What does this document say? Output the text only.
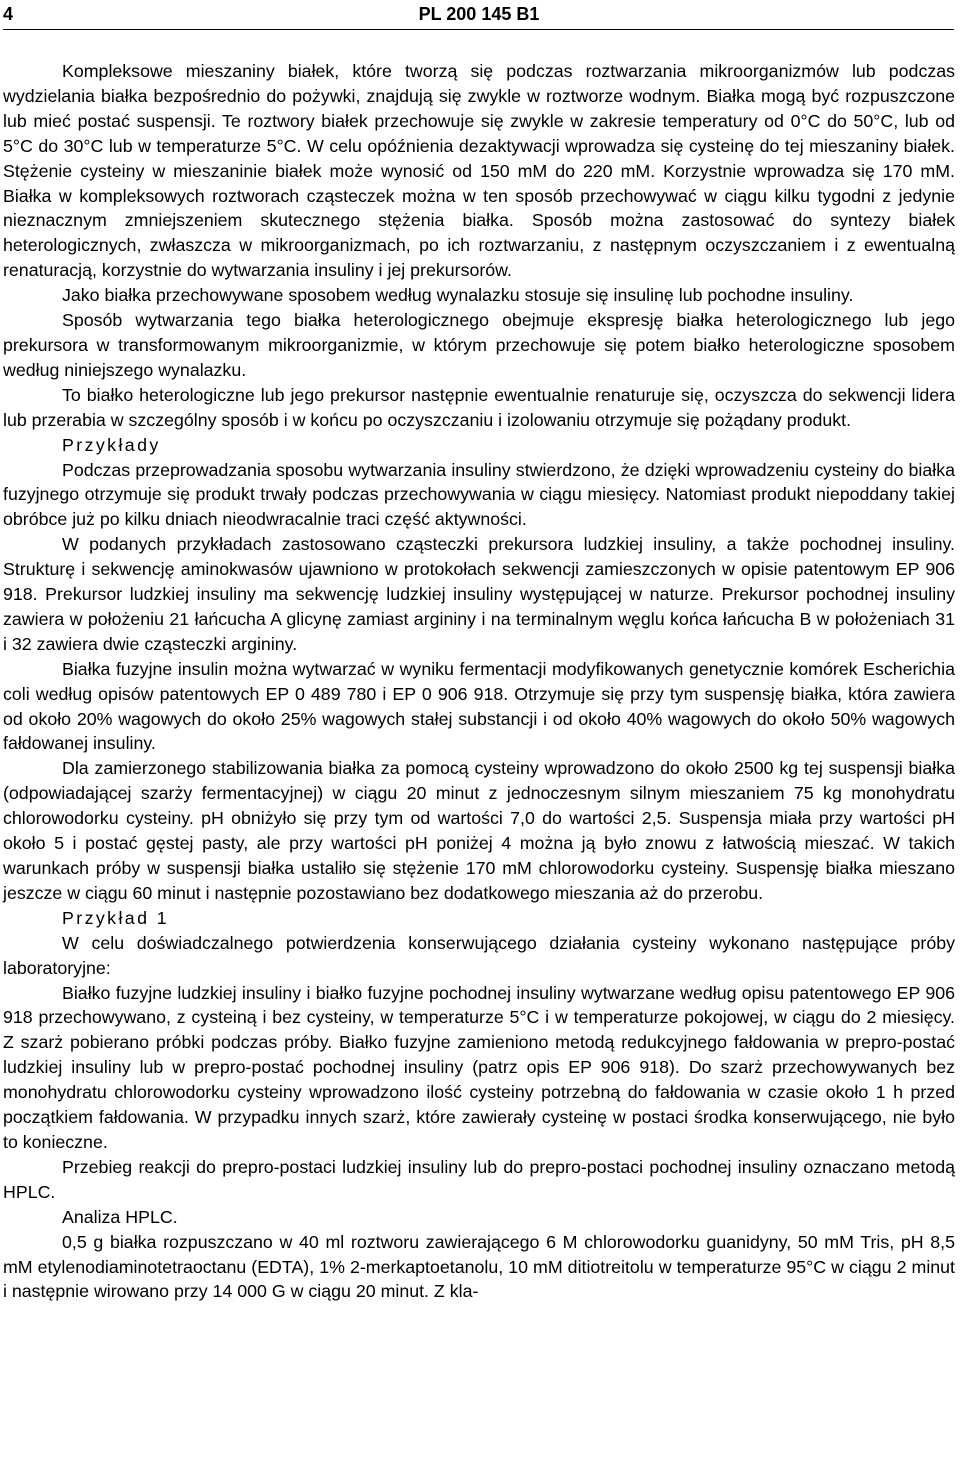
4	PL 200 145 B1

Kompleksowe mieszaniny białek, które tworzą się podczas roztwarzania mikroorganizmów lub podczas wydzielania białka bezpośrednio do pożywki, znajdują się zwykle w roztworze wodnym. Białka mogą być rozpuszczone lub mieć postać suspensji. Te roztwory białek przechowuje się zwykle w zakresie temperatury od 0°C do 50°C, lub od 5°C do 30°C lub w temperaturze 5°C. W celu opóźnienia dezaktywacji wprowadza się cysteinę do tej mieszaniny białek. Stężenie cysteiny w mieszaninie białek może wynosić od 150 mM do 220 mM. Korzystnie wprowadza się 170 mM. Białka w kompleksowych roztworach cząsteczek można w ten sposób przechowywać w ciągu kilku tygodni z jedynie nieznacznym zmniejszeniem skutecznego stężenia białka. Sposób można zastosować do syntezy białek heterologicznych, zwłaszcza w mikroorganizmach, po ich roztwarzaniu, z następnym oczyszczaniem i z ewentualną renaturacją, korzystnie do wytwarzania insuliny i jej prekursorów.

Jako białka przechowywane sposobem według wynalazku stosuje się insulinę lub pochodne insuliny.

Sposób wytwarzania tego białka heterologicznego obejmuje ekspresję białka heterologicznego lub jego prekursora w transformowanym mikroorganizmie, w którym przechowuje się potem białko heterologiczne sposobem według niniejszego wynalazku.

To białko heterologiczne lub jego prekursor następnie ewentualnie renaturuje się, oczyszcza do sekwencji lidera lub przerabia w szczególny sposób i w końcu po oczyszczaniu i izolowaniu otrzymuje się pożądany produkt.

Przykłady

Podczas przeprowadzania sposobu wytwarzania insuliny stwierdzono, że dzięki wprowadzeniu cysteiny do białka fuzyjnego otrzymuje się produkt trwały podczas przechowywania w ciągu miesięcy. Natomiast produkt niepoddany takiej obróbce już po kilku dniach nieodwracalnie traci część aktywności.

W podanych przykładach zastosowano cząsteczki prekursora ludzkiej insuliny, a także pochodnej insuliny. Strukturę i sekwencję aminokwasów ujawniono w protokołach sekwencji zamieszczonych w opisie patentowym EP 906 918. Prekursor ludzkiej insuliny ma sekwencję ludzkiej insuliny występującej w naturze. Prekursor pochodnej insuliny zawiera w położeniu 21 łańcucha A glicynę zamiast argininy i na terminalnym węglu końca łańcucha B w położeniach 31 i 32 zawiera dwie cząsteczki argininy.

Białka fuzyjne insulin można wytwarzać w wyniku fermentacji modyfikowanych genetycznie komórek Escherichia coli według opisów patentowych EP 0 489 780 i EP 0 906 918. Otrzymuje się przy tym suspensję białka, która zawiera od około 20% wagowych do około 25% wagowych stałej substancji i od około 40% wagowych do około 50% wagowych fałdowanej insuliny.

Dla zamierzonego stabilizowania białka za pomocą cysteiny wprowadzono do około 2500 kg tej suspensji białka (odpowiadającej szarży fermentacyjnej) w ciągu 20 minut z jednoczesnym silnym mieszaniem 75 kg monohydratu chlorowodorku cysteiny. pH obniżyło się przy tym od wartości 7,0 do wartości 2,5. Suspensja miała przy wartości pH około 5 i postać gęstej pasty, ale przy wartości pH poniżej 4 można ją było znowu z łatwością mieszać. W takich warunkach próby w suspensji białka ustaliło się stężenie 170 mM chlorowodorku cysteiny. Suspensję białka mieszano jeszcze w ciągu 60 minut i następnie pozostawiano bez dodatkowego mieszania aż do przerobu.

Przykład 1

W celu doświadczalnego potwierdzenia konserwującego działania cysteiny wykonano następujące próby laboratoryjne:

Białko fuzyjne ludzkiej insuliny i białko fuzyjne pochodnej insuliny wytwarzane według opisu patentowego EP 906 918 przechowywano, z cysteiną i bez cysteiny, w temperaturze 5°C i w temperaturze pokojowej, w ciągu do 2 miesięcy. Z szarż pobierano próbki podczas próby. Białko fuzyjne zamieniono metodą redukcyjnego fałdowania w prepro-postać ludzkiej insuliny lub w prepro-postać pochodnej insuliny (patrz opis EP 906 918). Do szarż przechowywanych bez monohydratu chlorowodorku cysteiny wprowadzono ilość cysteiny potrzebną do fałdowania w czasie około 1 h przed początkiem fałdowania. W przypadku innych szarż, które zawierały cysteinę w postaci środka konserwującego, nie było to konieczne.

Przebieg reakcji do prepro-postaci ludzkiej insuliny lub do prepro-postaci pochodnej insuliny oznaczano metodą HPLC.

Analiza HPLC.

0,5 g białka rozpuszczano w 40 ml roztworu zawierającego 6 M chlorowodorku guanidyny, 50 mM Tris, pH 8,5 mM etylenodiaminotetraoctanu (EDTA), 1% 2-merkaptoetanolu, 10 mM ditiotreitolu w temperaturze 95°C w ciągu 2 minut i następnie wirowano przy 14 000 G w ciągu 20 minut. Z kla-
